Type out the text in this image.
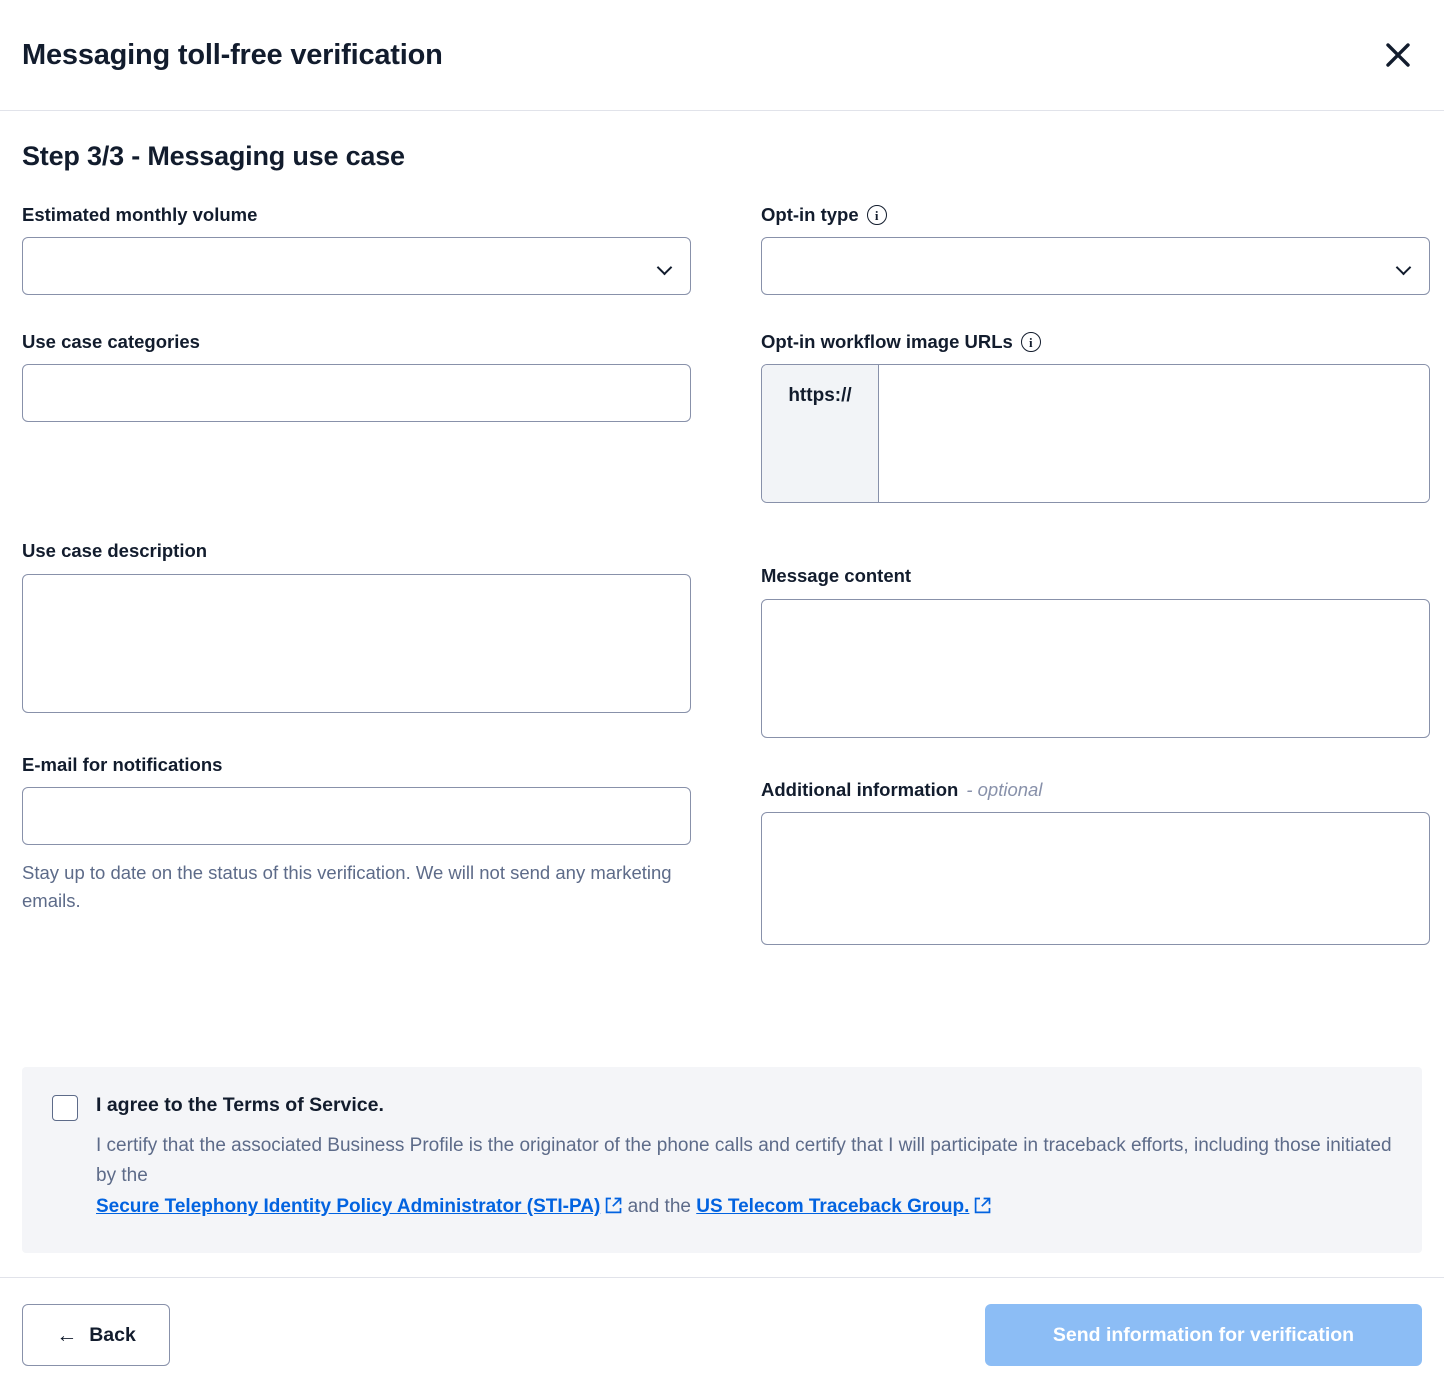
Messaging toll-free verification
Step 3/3 - Messaging use case
Estimated monthly volume
Use case categories
Use case description
E-mail for notifications
Stay up to date on the status of this verification. We will not send any marketing emails.
Opt-in type	i
Opt-in workflow image URLs	i
https://
Message content
Additional information - optional
I agree to the Terms of Service.
I certify that the associated Business Profile is the originator of the phone calls and certify that I will participate in traceback efforts, including those initiated by the
Secure Telephony Identity Policy Administrator (STI-PA) and the US Telecom Traceback Group.
← Back	Send information for verification
